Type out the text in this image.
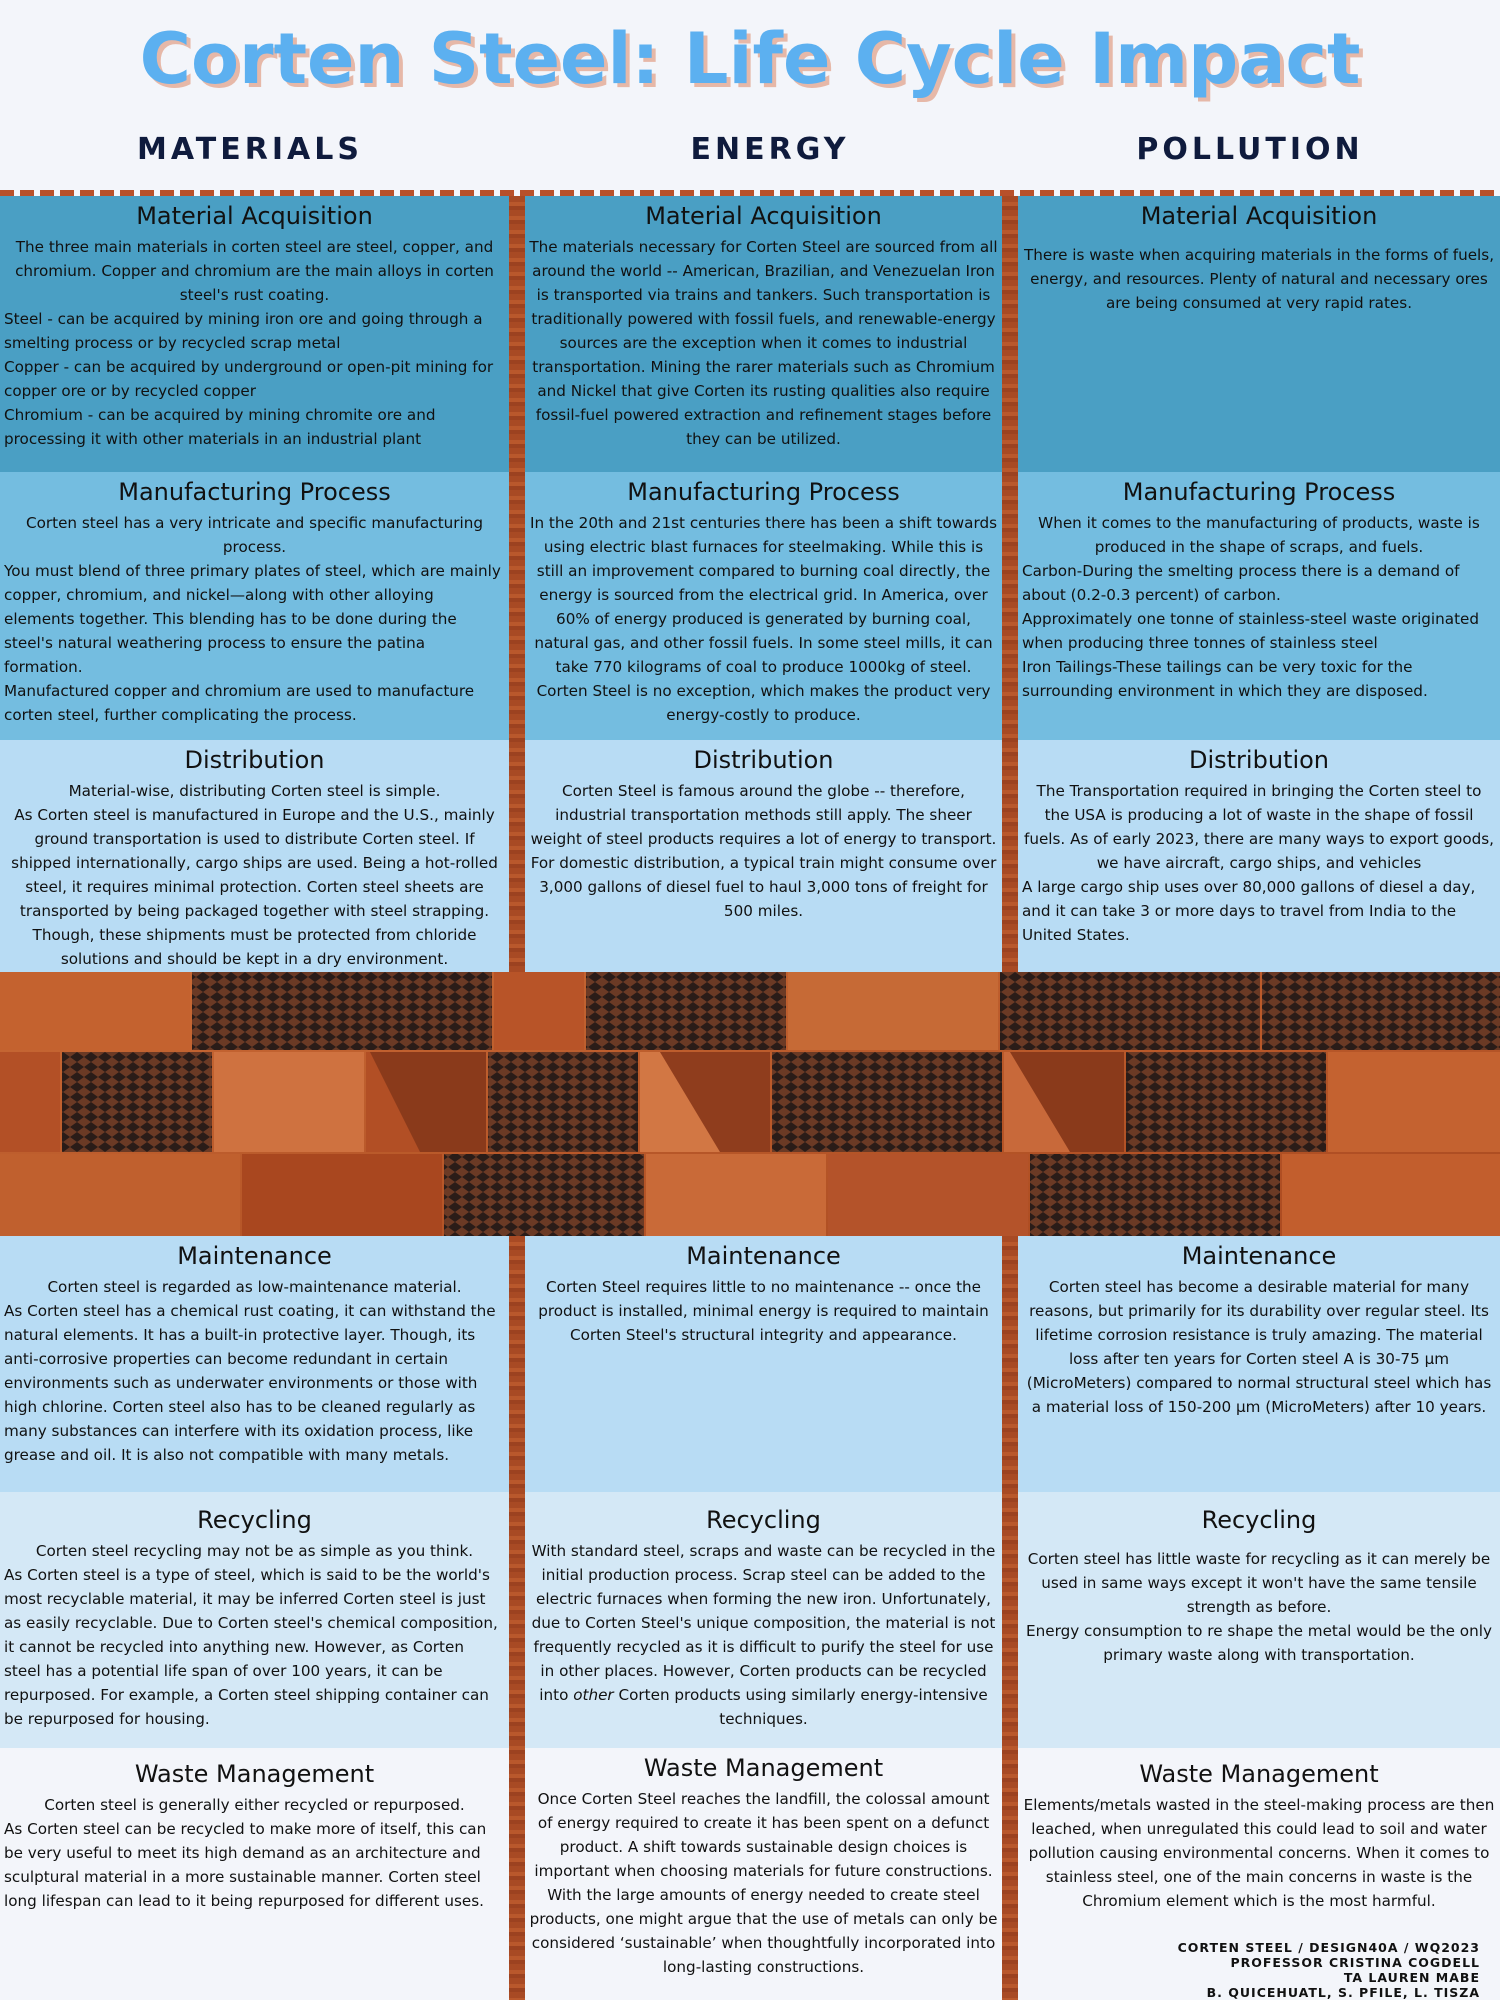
Corten Steel: Life Cycle Impact
MATERIALS	ENERGY	POLLUTION
Material Acquisition

The three main materials in corten steel are steel, copper, and chromium. Copper and chromium are the main alloys in corten steel's rust coating.

Steel - can be acquired by mining iron ore and going through a smelting process or by recycled scrap metal
Copper - can be acquired by underground or open-pit mining for copper ore or by recycled copper
Chromium - can be acquired by mining chromite ore and processing it with other materials in an industrial plant

Manufacturing Process

Corten steel has a very intricate and specific manufacturing process.

You must blend of three primary plates of steel, which are mainly copper, chromium, and nickel—along with other alloying elements together. This blending has to be done during the steel's natural weathering process to ensure the patina formation.
Manufactured copper and chromium are used to manufacture corten steel, further complicating the process.

Distribution

Material-wise, distributing Corten steel is simple.
As Corten steel is manufactured in Europe and the U.S., mainly ground transportation is used to distribute Corten steel. If shipped internationally, cargo ships are used. Being a hot-rolled steel, it requires minimal protection. Corten steel sheets are transported by being packaged together with steel strapping. Though, these shipments must be protected from chloride solutions and should be kept in a dry environment.

Material Acquisition

The materials necessary for Corten Steel are sourced from all around the world -- American, Brazilian, and Venezuelan Iron is transported via trains and tankers. Such transportation is traditionally powered with fossil fuels, and renewable-energy sources are the exception when it comes to industrial transportation. Mining the rarer materials such as Chromium and Nickel that give Corten its rusting qualities also require fossil-fuel powered extraction and refinement stages before they can be utilized.

Manufacturing Process

In the 20th and 21st centuries there has been a shift towards using electric blast furnaces for steelmaking. While this is still an improvement compared to burning coal directly, the energy is sourced from the electrical grid. In America, over 60% of energy produced is generated by burning coal, natural gas, and other fossil fuels. In some steel mills, it can take 770 kilograms of coal to produce 1000kg of steel. Corten Steel is no exception, which makes the product very energy-costly to produce.

Distribution

Corten Steel is famous around the globe -- therefore, industrial transportation methods still apply. The sheer weight of steel products requires a lot of energy to transport. For domestic distribution, a typical train might consume over 3,000 gallons of diesel fuel to haul 3,000 tons of freight for 500 miles.

Material Acquisition

There is waste when acquiring materials in the forms of fuels, energy, and resources. Plenty of natural and necessary ores are being consumed at very rapid rates.

Manufacturing Process

When it comes to the manufacturing of products, waste is produced in the shape of scraps, and fuels.

Carbon-During the smelting process there is a demand of about (0.2-0.3 percent) of carbon.
Approximately one tonne of stainless-steel waste originated when producing three tonnes of stainless steel
Iron Tailings-These tailings can be very toxic for the surrounding environment in which they are disposed.

Distribution

The Transportation required in bringing the Corten steel to the USA is producing a lot of waste in the shape of fossil fuels. As of early 2023, there are many ways to export goods, we have aircraft, cargo ships, and vehicles

A large cargo ship uses over 80,000 gallons of diesel a day, and it can take 3 or more days to travel from India to the United States.

Maintenance

Corten steel is regarded as low-maintenance material.

As Corten steel has a chemical rust coating, it can withstand the natural elements. It has a built-in protective layer. Though, its anti-corrosive properties can become redundant in certain environments such as underwater environments or those with high chlorine. Corten steel also has to be cleaned regularly as many substances can interfere with its oxidation process, like grease and oil. It is also not compatible with many metals.

Recycling

Corten steel recycling may not be as simple as you think.

As Corten steel is a type of steel, which is said to be the world's most recyclable material, it may be inferred Corten steel is just as easily recyclable. Due to Corten steel's chemical composition, it cannot be recycled into anything new. However, as Corten steel has a potential life span of over 100 years, it can be repurposed. For example, a Corten steel shipping container can be repurposed for housing.

Waste Management

Corten steel is generally either recycled or repurposed.

As Corten steel can be recycled to make more of itself, this can be very useful to meet its high demand as an architecture and sculptural material in a more sustainable manner. Corten steel long lifespan can lead to it being repurposed for different uses.

Maintenance

Corten Steel requires little to no maintenance -- once the product is installed, minimal energy is required to maintain Corten Steel's structural integrity and appearance.

Recycling

With standard steel, scraps and waste can be recycled in the initial production process. Scrap steel can be added to the electric furnaces when forming the new iron. Unfortunately, due to Corten Steel's unique composition, the material is not frequently recycled as it is difficult to purify the steel for use in other places. However, Corten products can be recycled into other Corten products using similarly energy-intensive techniques.

Waste Management

Once Corten Steel reaches the landfill, the colossal amount of energy required to create it has been spent on a defunct product. A shift towards sustainable design choices is important when choosing materials for future constructions. With the large amounts of energy needed to create steel products, one might argue that the use of metals can only be considered ‘sustainable’ when thoughtfully incorporated into long-lasting constructions.

Maintenance

Corten steel has become a desirable material for many reasons, but primarily for its durability over regular steel. Its lifetime corrosion resistance is truly amazing. The material loss after ten years for Corten steel A is 30-75 µm (MicroMeters) compared to normal structural steel which has a material loss of 150-200 µm (MicroMeters) after 10 years.

Recycling

Corten steel has little waste for recycling as it can merely be used in same ways except it won't have the same tensile strength as before.
Energy consumption to re shape the metal would be the only primary waste along with transportation.

Waste Management

Elements/metals wasted in the steel-making process are then leached, when unregulated this could lead to soil and water pollution causing environmental concerns. When it comes to stainless steel, one of the main concerns in waste is the Chromium element which is the most harmful.

CORTEN STEEL / DESIGN40A / WQ2023
PROFESSOR CRISTINA COGDELL
TA LAUREN MABE
B. QUICEHUATL, S. PFILE, L. TISZA
